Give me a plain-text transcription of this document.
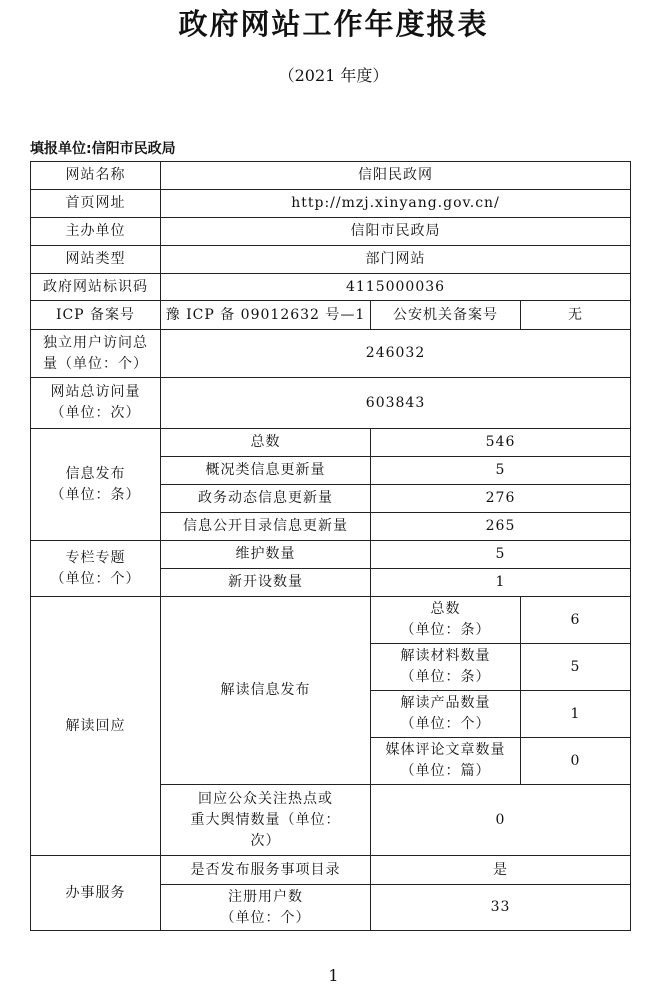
政府网站工作年度报表
（2021 年度）
填报单位:信阳市民政局
网站名称	信阳民政网		
首页网址	http://mzj.xinyang.gov.cn/		
主办单位	信阳市民政局		
网站类型	部门网站		
政府网站标识码	4115000036		
ICP 备案号	豫 ICP 备 09012632 号—1	公安机关备案号	无

独立用户访问总
量（单位：个）	246032		

网站总访问量
（单位：次）	603843		

信息发布
（单位：条）	总数	546	
	概况类信息更新量	5	
	政务动态信息更新量	276	
	信息公开目录信息更新量	265	

专栏专题
（单位：个）	维护数量	5	
	新开设数量	1	
解读回应	解读信息发布	总数
（单位：条）	6

		解读材料数量
（单位：条）	5

		解读产品数量
（单位：个）	1

		媒体评论文章数量
（单位：篇）	0

	回应公众关注热点或
重大舆情数量（单位：
次）	0	
办事服务	是否发布服务事项目录	是	

	注册用户数
（单位：个）	33	
1
